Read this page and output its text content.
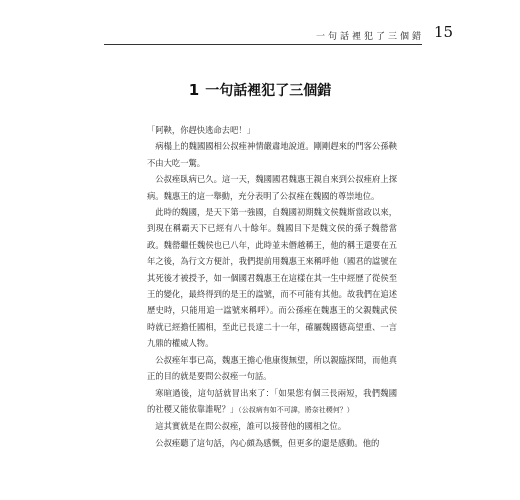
一句話裡犯了三個錯 15
1 一句話裡犯了三個錯

「阿鞅，你趕快逃命去吧！」

病榻上的魏國國相公叔痤神情嚴肅地說道。剛剛趕來的門客公孫鞅不由大吃一驚。

公叔痤臥病已久。這一天，魏國國君魏惠王親自來到公叔痤府上探病。魏惠王的這一舉動，充分表明了公叔痤在魏國的尊崇地位。

此時的魏國，是天下第一強國，自魏國初期魏文侯魏斯當政以來，到現在稱霸天下已經有八十餘年。魏國目下是魏文侯的孫子魏罃當政。魏罃繼任魏侯也已八年，此時並未僭越稱王，他的稱王還要在五年之後，為行文方便計，我們提前用魏惠王來稱呼他（國君的諡號在其死後才被授予，如一個國君魏惠王在這樣在其一生中經歷了從侯至王的變化，最終得到的是王的諡號，而不可能有其他。故我們在追述歷史時，只能用追一諡號來稱呼）。而公孫痤在魏惠王的父親魏武侯時就已經擔任國相，至此已長達二十一年，確屬魏國德高望重、一言九鼎的權威人物。

公叔痤年事已高，魏惠王擔心他康復無望，所以親臨探問，而他真正的目的就是要問公叔痤一句話。

寒暄過後，這句話就冒出來了：「如果您有個三長兩短，我們魏國的社稷又能依靠誰呢？」（公叔病有如不可諱，將奈社稷何？）

這其實就是在問公叔痤，誰可以接替他的國相之位。

公叔痤聽了這句話，內心頗為感慨，但更多的還是感動。他的
